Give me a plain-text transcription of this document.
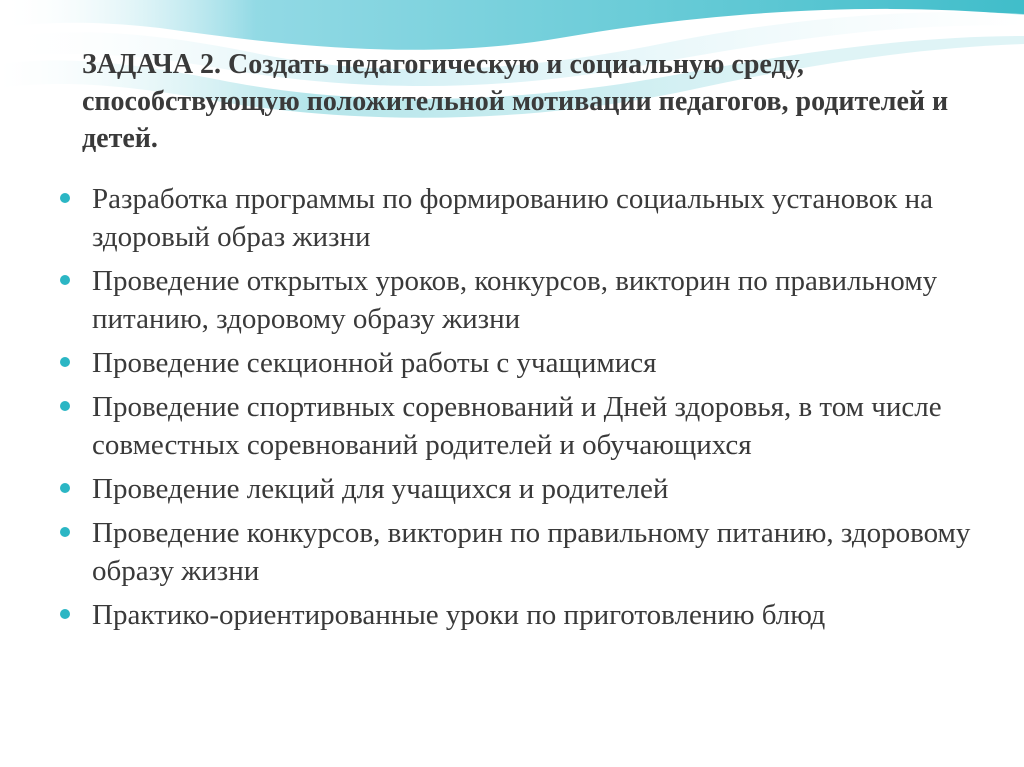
ЗАДАЧА 2. Создать педагогическую и социальную среду, способствующую положительной мотивации педагогов, родителей и детей.
Разработка программы по формированию социальных установок на здоровый образ жизни
Проведение открытых уроков, конкурсов, викторин по правильному питанию, здоровому образу жизни
Проведение секционной работы с учащимися
Проведение спортивных соревнований и Дней здоровья, в том числе совместных соревнований родителей и обучающихся
Проведение лекций для учащихся и родителей
Проведение конкурсов, викторин по правильному питанию, здоровому образу жизни
Практико-ориентированные уроки по приготовлению блюд
